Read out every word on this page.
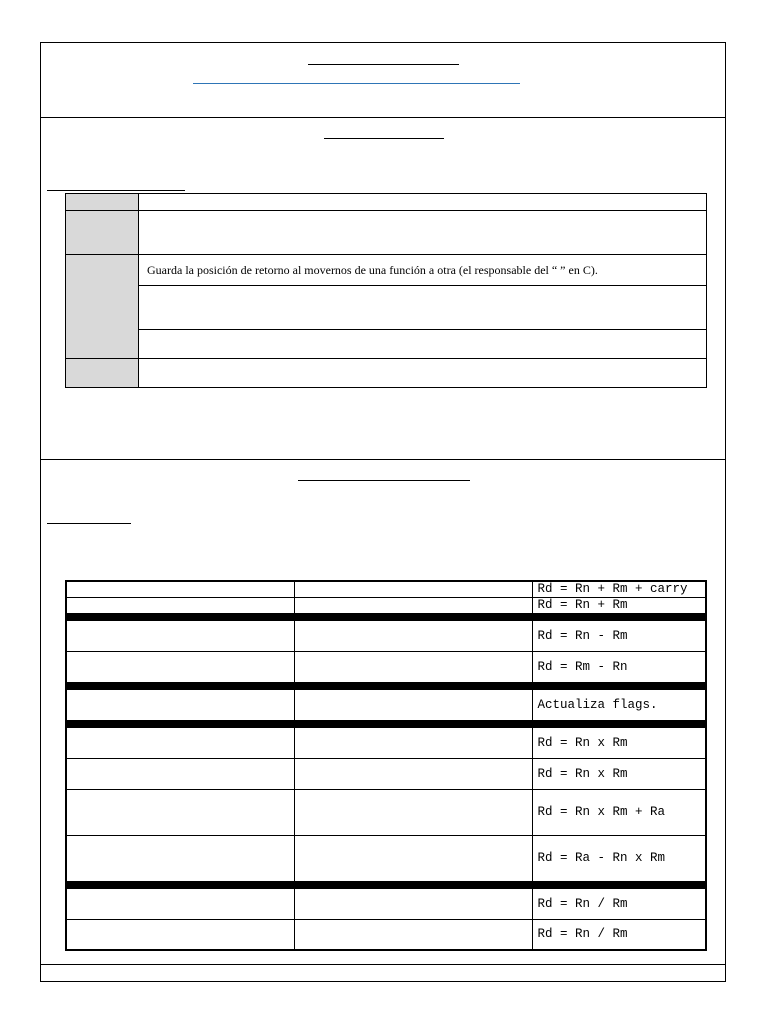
	Guarda la posición de retorno al movernos de una función a otra (el responsable del “ ” en C).

		Rd = Rn + Rm + carry
		Rd = Rn + Rm

		Rd = Rn - Rm
		Rd = Rm - Rn

		Actualiza flags.

		Rd = Rn x Rm
		Rd = Rn x Rm
		Rd = Rn x Rm + Ra
		Rd = Ra - Rn x Rm

		Rd = Rn / Rm
		Rd = Rn / Rm
